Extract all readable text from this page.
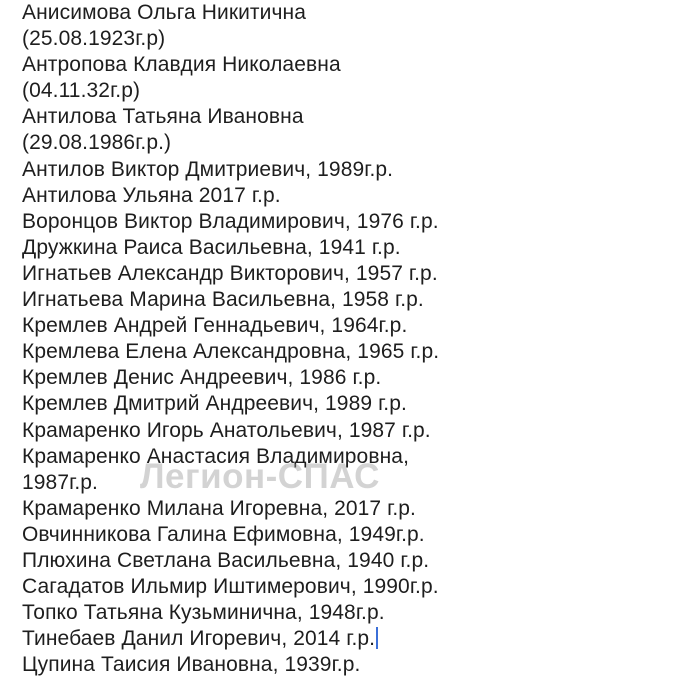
Анисимова Ольга Никитична
(25.08.1923г.р)
Антропова Клавдия Николаевна
(04.11.32г.р)
Антилова Татьяна Ивановна
(29.08.1986г.р.)
Антилов Виктор Дмитриевич, 1989г.р.
Антилова Ульяна 2017 г.р.
Воронцов Виктор Владимирович, 1976 г.р.
Дружкина Раиса Васильевна, 1941 г.р.
Игнатьев Александр Викторович, 1957 г.р.
Игнатьева Марина Васильевна, 1958 г.р.
Кремлев Андрей Геннадьевич, 1964г.р.
Кремлева Елена Александровна, 1965 г.р.
Кремлев Денис Андреевич, 1986 г.р.
Кремлев Дмитрий Андреевич, 1989 г.р.
Крамаренко Игорь Анатольевич, 1987 г.р.
Крамаренко Анастасия Владимировна,
1987г.р.
Крамаренко Милана Игоревна, 2017 г.р.
Овчинникова Галина Ефимовна, 1949г.р.
Плюхина Светлана Васильевна, 1940 г.р.
Сагадатов Ильмир Иштимерович, 1990г.р.
Топко Татьяна Кузьминична, 1948г.р.
Тинебаев Данил Игоревич, 2014 г.р.
Цупина Таисия Ивановна, 1939г.р.
Легион-СПАС
